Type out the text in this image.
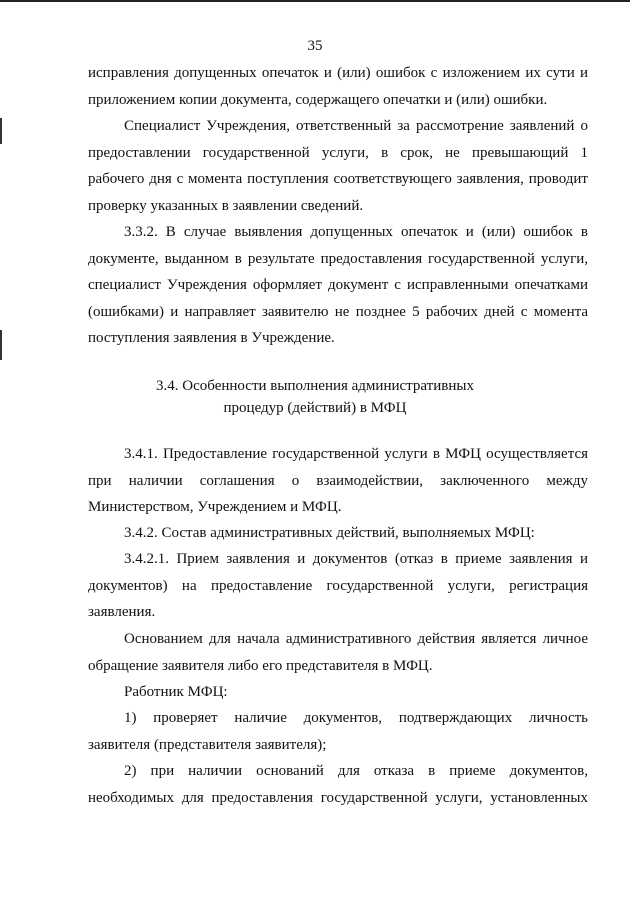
35
исправления допущенных опечаток и (или) ошибок с изложением их сути и
приложением копии документа, содержащего опечатки и (или) ошибки.
Специалист Учреждения, ответственный за рассмотрение заявлений о
предоставлении государственной услуги, в срок, не превышающий 1
рабочего дня с момента поступления соответствующего заявления, проводит
проверку указанных в заявлении сведений.
3.3.2. В случае выявления допущенных опечаток и (или) ошибок в
документе, выданном в результате предоставления государственной услуги,
специалист Учреждения оформляет документ с исправленными опечатками
(ошибками) и направляет заявителю не позднее 5 рабочих дней с момента
поступления заявления в Учреждение.
3.4. Особенности выполнения административных
процедур (действий) в МФЦ
3.4.1. Предоставление государственной услуги в МФЦ осуществляется
при наличии соглашения о взаимодействии, заключенного между
Министерством, Учреждением и МФЦ.
3.4.2. Состав административных действий, выполняемых МФЦ:
3.4.2.1. Прием заявления и документов (отказ в приеме заявления и
документов) на предоставление государственной услуги, регистрация
заявления.
Основанием для начала административного действия является личное
обращение заявителя либо его представителя в МФЦ.
Работник МФЦ:
1) проверяет наличие документов, подтверждающих личность
заявителя (представителя заявителя);
2) при наличии оснований для отказа в приеме документов,
необходимых для предоставления государственной услуги, установленных
